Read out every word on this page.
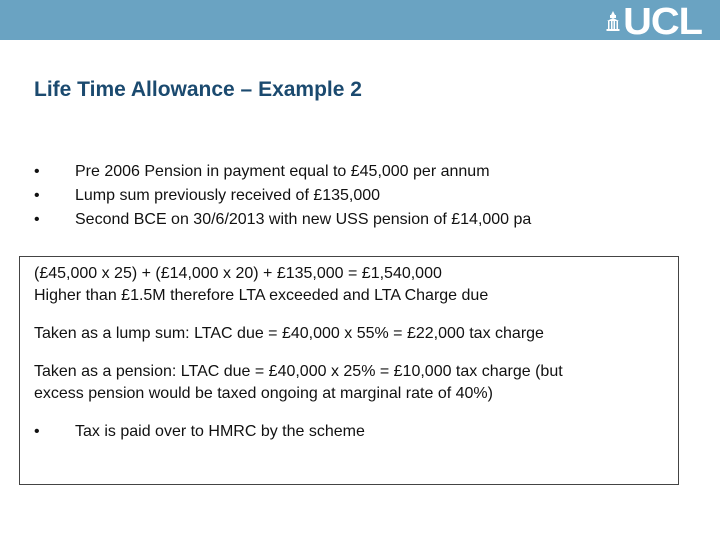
UCL
Life Time Allowance – Example 2
• Pre 2006 Pension in payment equal to £45,000 per annum
• Lump sum previously received of £135,000
• Second BCE on 30/6/2013 with new USS pension of £14,000 pa

(£45,000 x 25) + (£14,000 x 20) + £135,000 = £1,540,000

Higher than £1.5M therefore LTA exceeded and LTA Charge due

Taken as a lump sum: LTAC due = £40,000 x 55% = £22,000 tax charge

Taken as a pension: LTAC due = £40,000 x 25% = £10,000 tax charge (but

excess pension would be taxed ongoing at marginal rate of 40%)

• Tax is paid over to HMRC by the scheme
